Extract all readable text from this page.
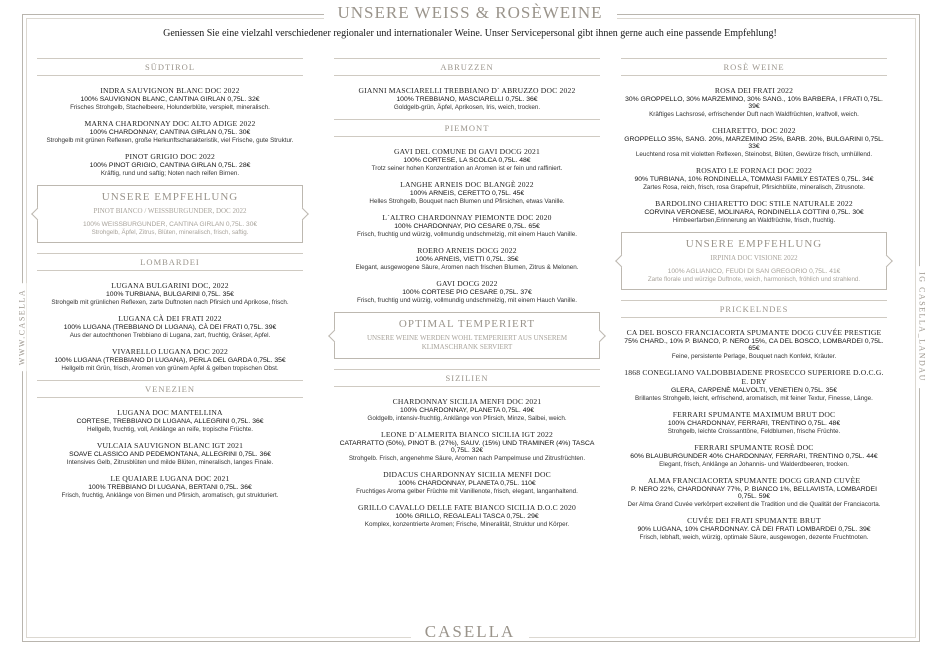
UNSERE WEISS & ROSÈWEINE
Geniessen Sie eine vielzahl verschiedener regionaler und internationaler Weine. Unser Servicepersonal gibt ihnen gerne auch eine passende Empfehlung!
WWW.CASELLA	IG CASELLA_LANDAU
CASELLA
SÜDTIROL
INDRA SAUVIGNON BLANC DOC 2022
100% SAUVIGNON BLANC, CANTINA GIRLAN 0,75L. 32€
Frisches Strohgelb, Stachelbeere, Holunderblüte, verspielt, mineralisch.
MARNA CHARDONNAY DOC ALTO ADIGE 2022
100% CHARDONNAY, CANTINA GIRLAN 0,75L. 30€
Strohgelb mit grünen Reflexen, große Herkunftscharakteristik, viel Frische, gute Struktur.
PINOT GRIGIO DOC 2022
100% PINOT GRIGIO, CANTINA GIRLAN 0,75L. 28€
Kräftig, rund und saftig; Noten nach reifen Birnen.
UNSERE EMPFEHLUNG
PINOT BIANCO / WEISSBURGUNDER, DOC 2022
100% WEISSBURGUNDER, CANTINA GIRLAN 0,75L. 30€
Strohgelb, Äpfel, Zitrus, Blüten, mineralisch, frisch, saftig.
LOMBARDEI
LUGANA BULGARINI DOC, 2022
100% TURBIANA, BULGARINI 0,75L. 35€
Strohgelb mit grünlichen Reflexen, zarte Duftnoten nach Pfirsich und Aprikose, frisch.
LUGANA CÀ DEI FRATI 2022
100% LUGANA (TREBBIANO DI LUGANA), CÀ DEI FRATI 0,75L. 39€
Aus der autochthonen Trebbiano di Lugana, zart, fruchtig, Gräser, Apfel.
VIVARELLO LUGANA DOC 2022
100% LUGANA (TREBBIANO DI LUGANA), PERLA DEL GARDA 0,75L. 35€
Hellgelb mit Grün, frisch, Aromen von grünem Apfel & gelben tropischen Obst.
VENEZIEN
LUGANA DOC MANTELLINA
CORTESE, TREBBIANO DI LUGANA, ALLEGRINI 0,75L. 36€
Hellgelb, fruchtig, voll, Anklänge an reife, tropische Früchte.
VULCAIA SAUVIGNON BLANC IGT 2021
SOAVE CLASSICO AND PEDEMONTANA, ALLEGRINI 0,75L. 36€
Intensives Gelb, Zitrusblüten und milde Blüten, mineralisch, langes Finale.
LE QUAIARE LUGANA DOC 2021
100% TREBBIANO DI LUGANA, BERTANI 0,75L. 36€
Frisch, fruchtig, Anklänge von Birnen und Pfirsich, aromatisch, gut strukturiert.
ABRUZZEN
GIANNI MASCIARELLI TREBBIANO D´ ABRUZZO DOC 2022
100% TREBBIANO, MASCIARELLI 0,75L. 36€
Goldgelb-grün, Äpfel, Aprikosen, Iris, weich, trocken.
PIEMONT
GAVI DEL COMUNE DI GAVI DOCG 2021
100% CORTESE, LA SCOLCA 0,75L. 48€
Trotz seiner hohen Konzentration an Aromen ist er fein und raffiniert.
LANGHE ARNEIS DOC BLANGÈ 2022
100% ARNEIS, CERETTO 0,75L. 45€
Helles Strohgelb, Bouquet nach Blumen und Pfirsichen, etwas Vanille.
L´ALTRO CHARDONNAY PIEMONTE DOC 2020
100% CHARDONNAY, PIO CESARE 0,75L. 65€
Frisch, fruchtig und würzig, vollmundig undschmelzig, mit einem Hauch Vanille.
ROERO ARNEIS DOCG 2022
100% ARNEIS, VIETTI 0,75L. 35€
Elegant, ausgewogene Säure, Aromen nach frischen Blumen, Zitrus & Melonen.
GAVI DOCG 2022
100% CORTESE PIO CESARE 0,75L. 37€
Frisch, fruchtig und würzig, vollmundig undschmelzig, mit einem Hauch Vanille.
OPTIMAL TEMPERIERT
UNSERE WEINE WERDEN WOHL TEMPERIERT AUS UNSEREM KLIMASCHRANK SERVIERT
SIZILIEN
CHARDONNAY SICILIA MENFI DOC 2021
100% CHARDONNAY, PLANETA 0,75L. 49€
Goldgelb, intensiv-fruchtig, Anklänge von Pfirsich, Minze, Salbei, weich.
LEONE D´ALMERITA BIANCO SICILIA IGT 2022
CATARRATTO (50%), PINOT B. (27%), SAUV. (15%) UND TRAMINER (4%) TASCA 0,75L. 32€
Strohgelb. Frisch, angenehme Säure, Aromen nach Pampelmuse und Zitrusfrüchten.
DIDACUS CHARDONNAY SICILIA MENFI DOC
100% CHARDONNAY, PLANETA 0,75L. 110€
Fruchtiges Aroma gelber Früchte mit Vanillenote, frisch, elegant, langanhaltend.
GRILLO CAVALLO DELLE FATE BIANCO SICILIA D.O.C 2020
100% GRILLO, REGALEALI TASCA 0,75L. 29€
Komplex, konzentrierte Aromen; Frische, Mineralität, Struktur und Körper.
ROSÈ WEINE
ROSA DEI FRATI 2022
30% GROPPELLO, 30% MARZEMINO, 30% SANG., 10% BARBERA, I FRATI 0,75L. 39€
Kräftiges Lachsrosé, erfrischender Duft nach Waldfrüchten, kraftvoll, weich.
CHIARETTO, DOC 2022
GROPPELLO 35%, SANG. 20%, MARZEMINO 25%, BARB. 20%, BULGARINI 0,75L. 33€
Leuchtend rosa mit violetten Reflexen, Steinobst, Blüten, Gewürze frisch, umhüllend.
ROSATO LE FORNACI DOC 2022
90% TURBIANA, 10% RONDINELLA, TOMMASI FAMILY ESTATES 0,75L. 34€
Zartes Rosa, reich, frisch, rosa Grapefruit, Pfirsichblüte, mineralisch, Zitrusnote.
BARDOLINO CHIARETTO DOC STILE NATURALE 2022
CORVINA VERONESE, MOLINARA, RONDINELLA COTTINI 0,75L. 30€
Himbeerfarben,Erinnerung an Waldfrüchte, frisch, fruchtig.
UNSERE EMPFEHLUNG
IRPINIA DOC VISIONE 2022
100% AGLIANICO, FEUDI DI SAN GREGORIO 0,75L. 41€
Zarte florale und würzige Duftnote, weich, harmonisch, fröhlich und strahlend.
PRICKELNDES
CA DEL BOSCO FRANCIACORTA SPUMANTE DOCG CUVÉE PRESTIGE
75% CHARD., 10% P. BIANCO, P. NERO 15%, CA DEL BOSCO, LOMBARDEI 0,75L. 65€
Feine, persistente Perlage, Bouquet nach Konfekt, Kräuter.
1868 CONEGLIANO VALDOBBIADENE PROSECCO SUPERIORE D.O.C.G. E. DRY
GLERA, CARPENÈ MALVOLTI, VENETIEN 0,75L. 35€
Brillantes Strohgelb, leicht, erfrischend, aromatisch, mit feiner Textur, Finesse, Länge.
FERRARI SPUMANTE MAXIMUM BRUT DOC
100% CHARDONNAY, FERRARI, TRENTINO 0,75L. 48€
Strohgelb, leichte Croissanttöne, Feldblumen, frische Früchte.
FERRARI SPUMANTE ROSÈ DOC
60% BLAUBURGUNDER 40% CHARDONNAY, FERRARI, TRENTINO 0,75L. 44€
Elegant, frisch, Anklänge an Johannis- und Walderdbeeren, trocken.
ALMA FRANCIACORTA SPUMANTE DOCG GRAND CUVÈE
P. NERO 22%, CHARDONNAY 77%, P. BIANCO 1%, BELLAVISTA, LOMBARDEI 0,75L. 59€
Der Alma Grand Cuvée verkörpert exzellent die Tradition und die Qualität der Franciacorta.
CUVÉE DEI FRATI SPUMANTE BRUT
90% LUGANA, 10% CHARDONNAY. CÀ DEI FRATI LOMBARDEI 0,75L. 39€
Frisch, lebhaft, weich, würzig, optimale Säure, ausgewogen, dezente Fruchtnoten.
